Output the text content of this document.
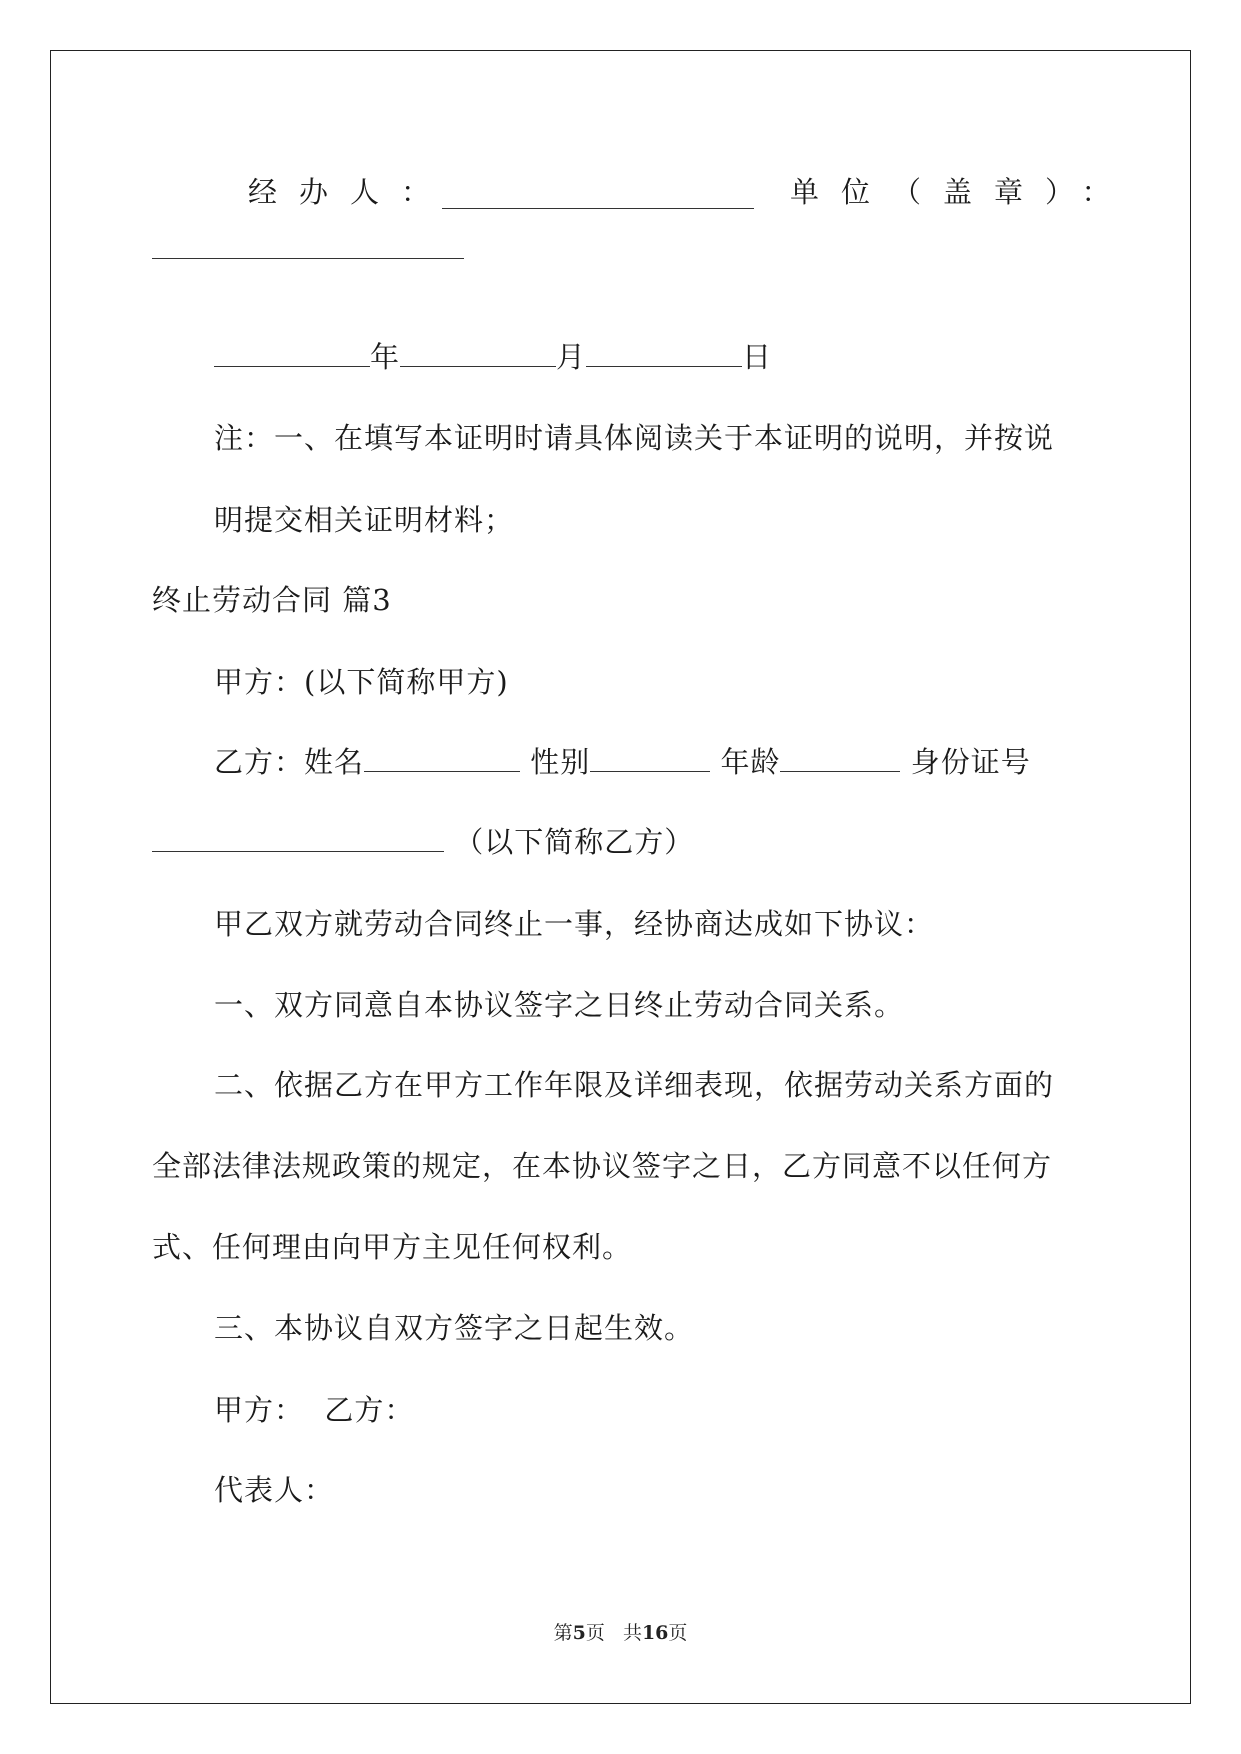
经办人：	单位（盖章）：
年	月	日
注：一、在填写本证明时请具体阅读关于本证明的说明，并按说
明提交相关证明材料；
终止劳动合同 篇3
甲方：(以下简称甲方)
乙方：姓名	性别	年龄	身份证号
（以下简称乙方）
甲乙双方就劳动合同终止一事，经协商达成如下协议：
一、双方同意自本协议签字之日终止劳动合同关系。
二、依据乙方在甲方工作年限及详细表现，依据劳动关系方面的
全部法律法规政策的规定，在本协议签字之日，乙方同意不以任何方
式、任何理由向甲方主见任何权利。
三、本协议自双方签字之日起生效。
甲方：  乙方：
代表人：
第5页   共16页
